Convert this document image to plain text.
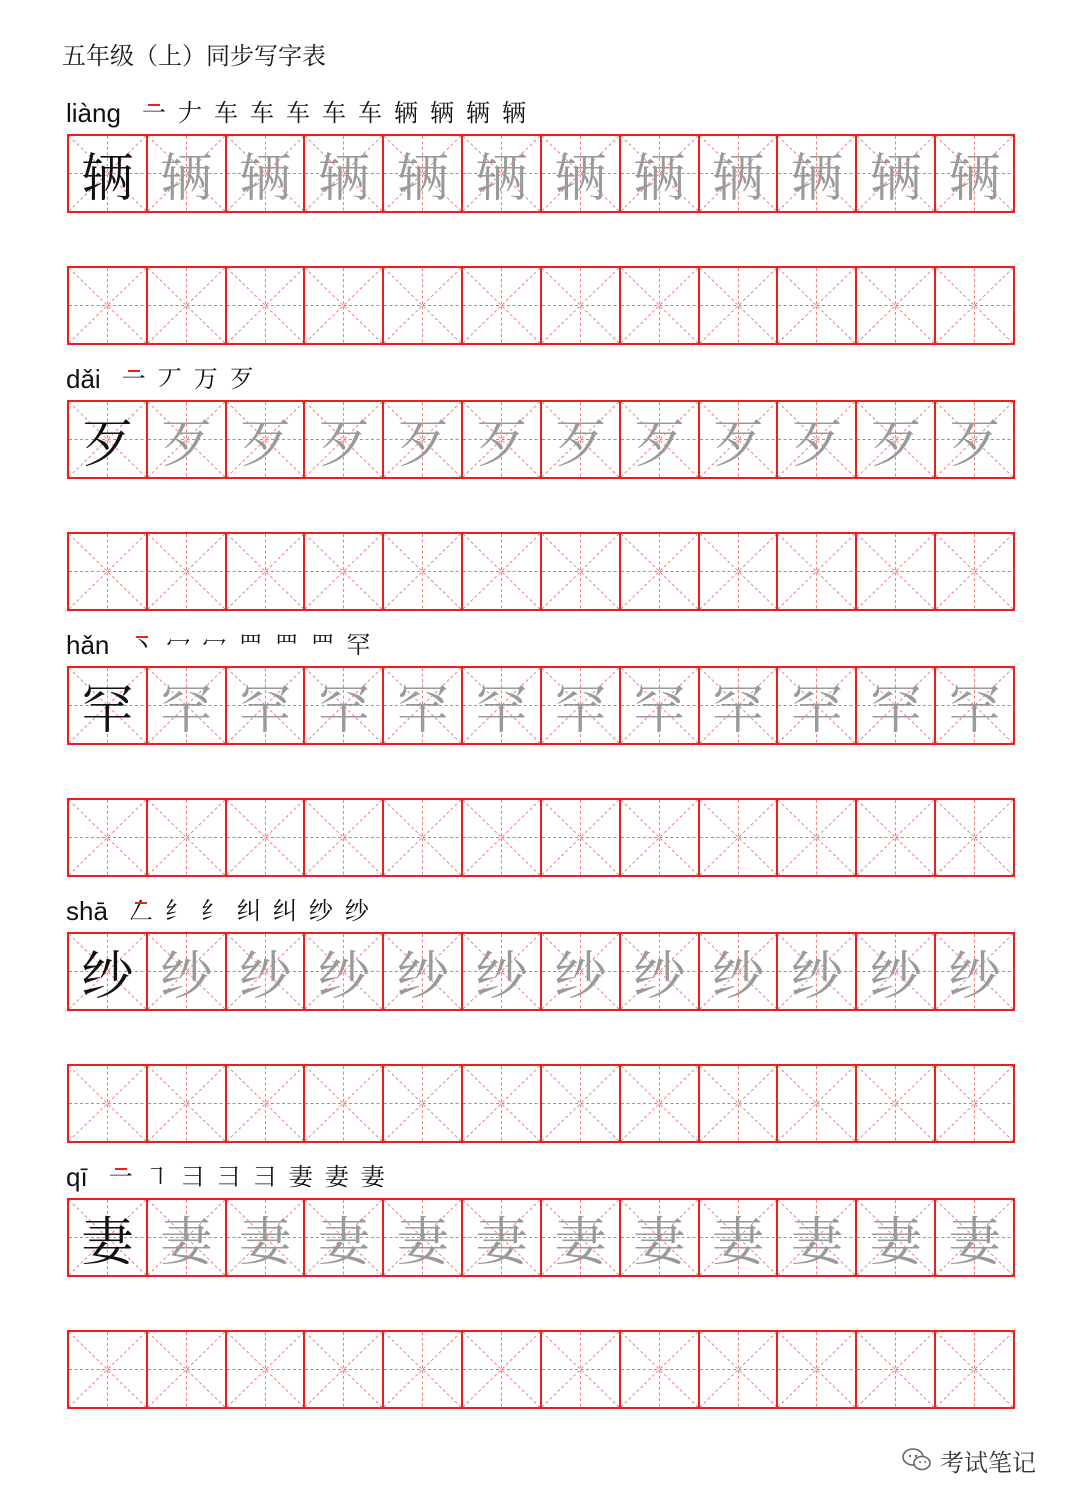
五年级（上）同步写字表
liàng 一 𠂇 车 车 车 车 车 辆 辆 辆 辆
辆 辆 辆 辆 辆 辆 辆 辆 辆 辆 辆 辆
dǎi 一 丆 万 歹
歹 歹 歹 歹 歹 歹 歹 歹 歹 歹 歹 歹
hǎn 丶 冖 冖 罒 罒 罒 罕
罕 罕 罕 罕 罕 罕 罕 罕 罕 罕 罕 罕
shā 𠃋 纟 纟 纠 纠 纱 纱
纱 纱 纱 纱 纱 纱 纱 纱 纱 纱 纱 纱
qī 一 ㇕ 彐 彐 ⺕ 妻 妻 妻
妻 妻 妻 妻 妻 妻 妻 妻 妻 妻 妻 妻
考试笔记
